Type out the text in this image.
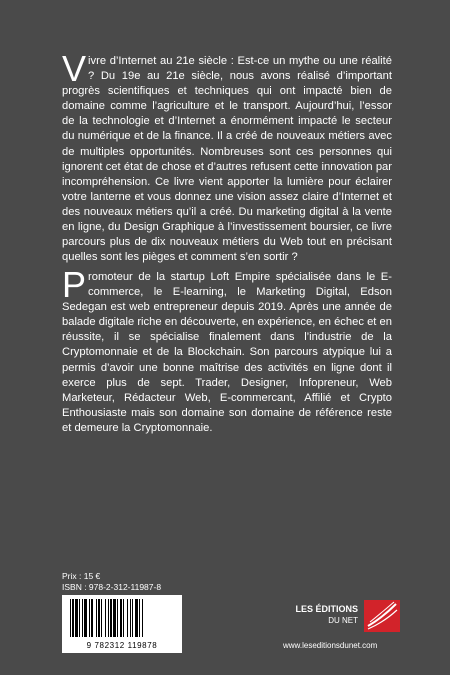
Vivre d’Internet au 21e siècle : Est-ce un mythe ou une réalité ? Du 19e au 21e siècle, nous avons réalisé d’important progrès scientifiques et techniques qui ont impacté bien de domaine comme l’agriculture et le transport. Aujourd’hui, l’essor de la technologie et d’Internet a énormément impacté le secteur du numérique et de la finance. Il a créé de nouveaux métiers avec de multiples opportunités. Nombreuses sont ces personnes qui ignorent cet état de chose et d’autres refusent cette innovation par incompréhension. Ce livre vient apporter la lumière pour éclairer votre lanterne et vous donnez une vision assez claire d’Internet et des nouveaux métiers qu’il a créé. Du marketing digital à la vente en ligne, du Design Graphique à l’investissement boursier, ce livre parcours plus de dix nouveaux métiers du Web tout en précisant quelles sont les pièges et comment s’en sortir ?

Promoteur de la startup Loft Empire spécialisée dans le E-commerce, le E-learning, le Marketing Digital, Edson Sedegan est web entrepreneur depuis 2019. Après une année de balade digitale riche en découverte, en expérience, en échec et en réussite, il se spécialise finalement dans l’industrie de la Cryptomonnaie et de la Blockchain. Son parcours atypique lui a permis d’avoir une bonne maîtrise des activités en ligne dont il exerce plus de sept. Trader, Designer, Infopreneur, Web Marketeur, Rédacteur Web, E-commercant, Affilié et Crypto Enthousiaste mais son domaine son domaine de référence reste et demeure la Cryptomonnaie.

Prix : 15 €
ISBN : 978-2-312-11987-8
9 782312 119878
LES ÉDITIONS
DU NET
www.leseditionsdunet.com
